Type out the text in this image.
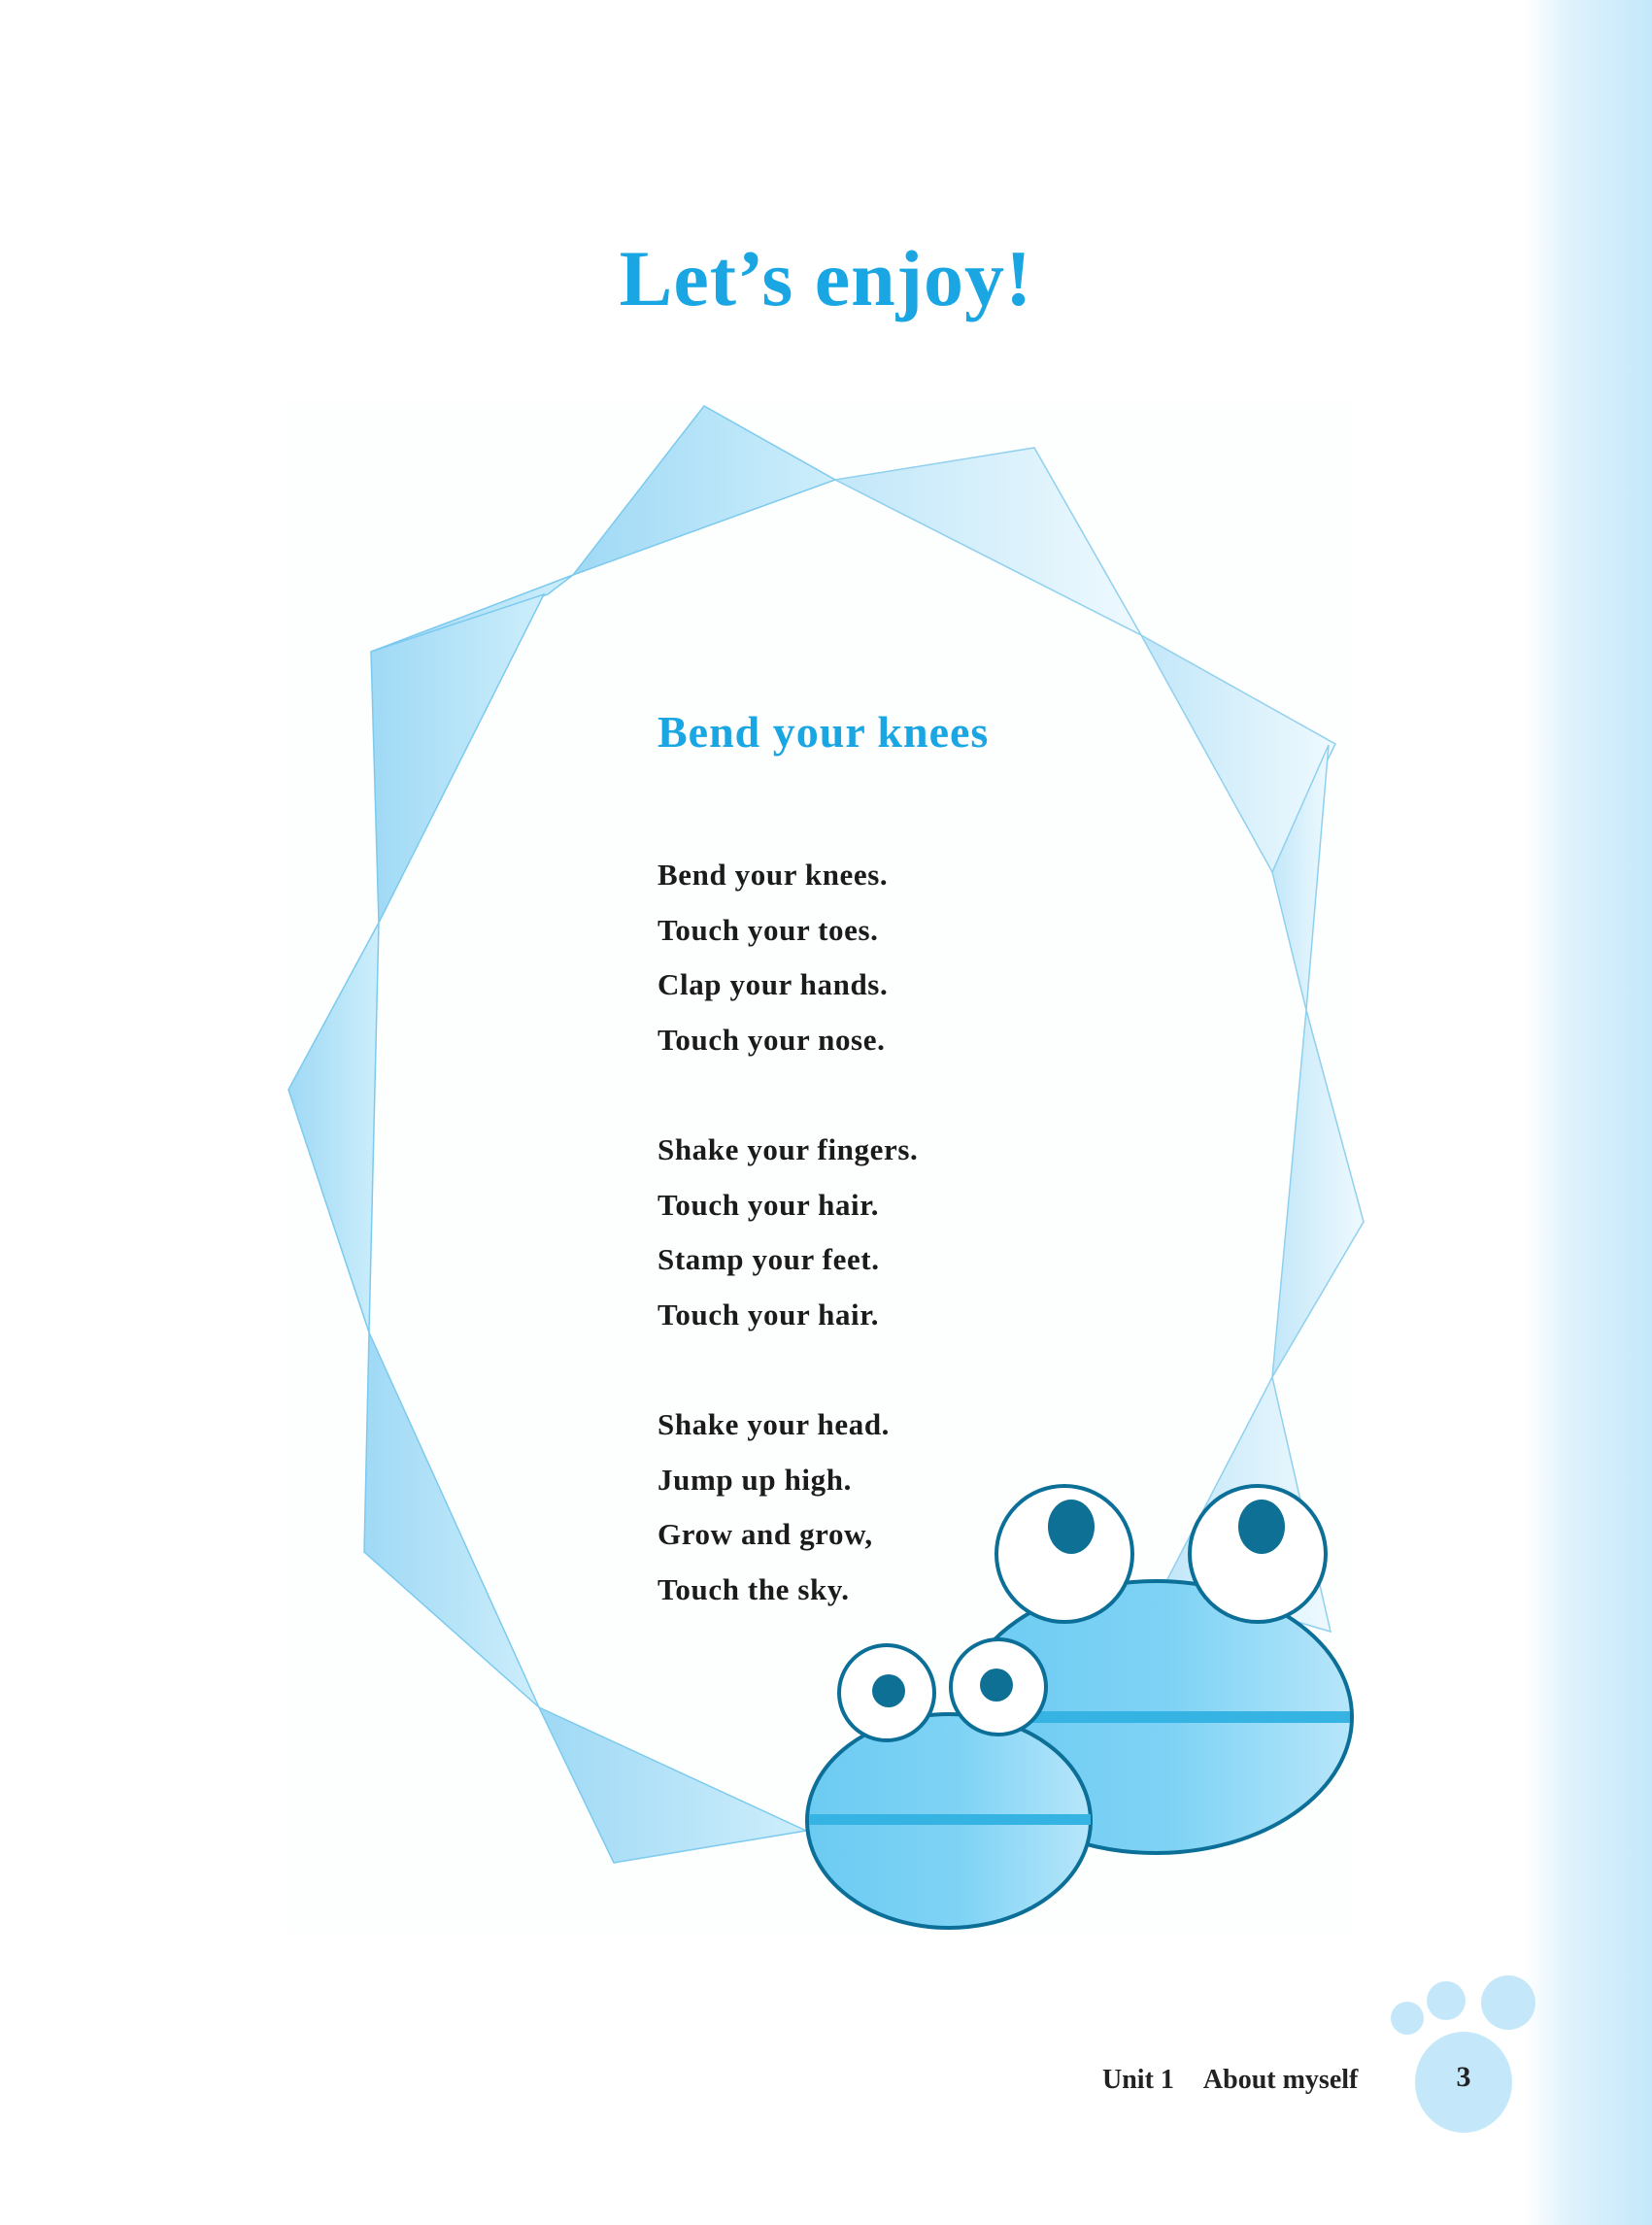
Let’s enjoy!
Bend your knees
Bend your knees.
Touch your toes.
Clap your hands.
Touch your nose.
Shake your fingers.
Touch your hair.
Stamp your feet.
Touch your hair.
Shake your head.
Jump up high.
Grow and grow,
Touch the sky.
Unit 1 About myself	3
